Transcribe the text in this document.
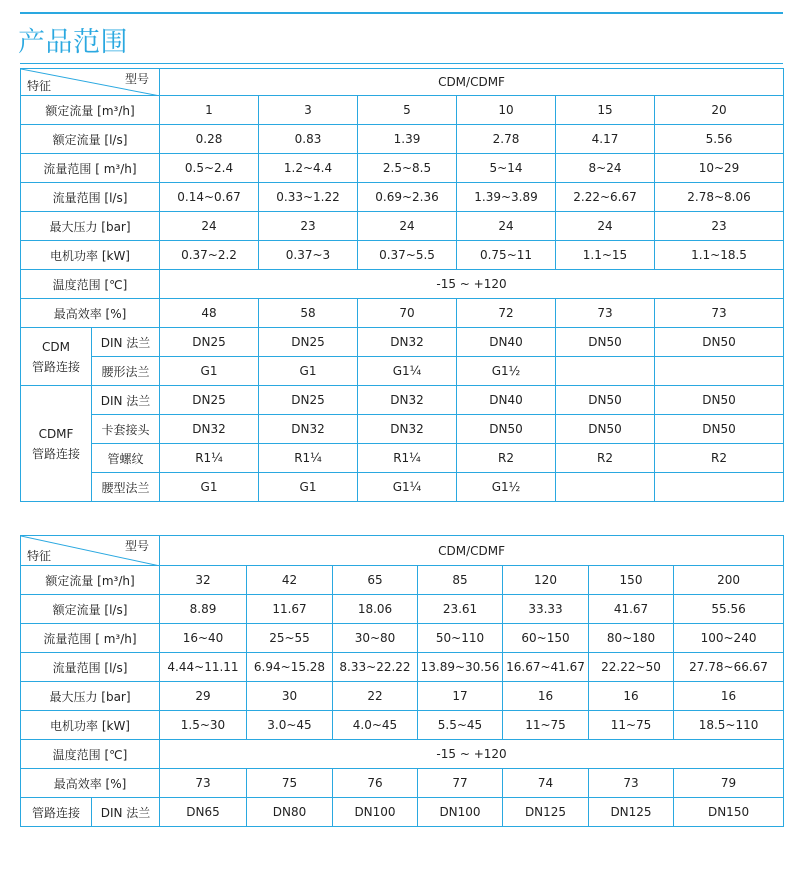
产品范围
型号
特征		CDM/CDMF					
额定流量 [m³/h]		1	3	5	10	15	20
额定流量 [l/s]		0.28	0.83	1.39	2.78	4.17	5.56
流量范围 [ m³/h]		0.5~2.4	1.2~4.4	2.5~8.5	5~14	8~24	10~29
流量范围 [l/s]		0.14~0.67	0.33~1.22	0.69~2.36	1.39~3.89	2.22~6.67	2.78~8.06
最大压力 [bar]		24	23	24	24	24	23
电机功率 [kW]		0.37~2.2	0.37~3	0.37~5.5	0.75~11	1.1~15	1.1~18.5
温度范围 [℃]		-15 ~ +120					
最高效率 [%]		48	58	70	72	73	73

CDM
管路连接	DIN 法兰	DN25	DN25	DN32	DN40	DN50	DN50
	腰形法兰	G1	G1	G1¼	G1½		

CDMF
管路连接	DIN 法兰	DN25	DN25	DN32	DN40	DN50	DN50
	卡套接头	DN32	DN32	DN32	DN50	DN50	DN50
	管螺纹	R1¼	R1¼	R1¼	R2	R2	R2
	腰型法兰	G1	G1	G1¼	G1½		
型号
特征		CDM/CDMF						
额定流量 [m³/h]		32	42	65	85	120	150	200
额定流量 [l/s]		8.89	11.67	18.06	23.61	33.33	41.67	55.56
流量范围 [ m³/h]		16~40	25~55	30~80	50~110	60~150	80~180	100~240
流量范围 [l/s]		4.44~11.11	6.94~15.28	8.33~22.22	13.89~30.56	16.67~41.67	22.22~50	27.78~66.67
最大压力 [bar]		29	30	22	17	16	16	16
电机功率 [kW]		1.5~30	3.0~45	4.0~45	5.5~45	11~75	11~75	18.5~110
温度范围 [℃]		-15 ~ +120						
最高效率 [%]		73	75	76	77	74	73	79
管路连接	DIN 法兰	DN65	DN80	DN100	DN100	DN125	DN125	DN150
